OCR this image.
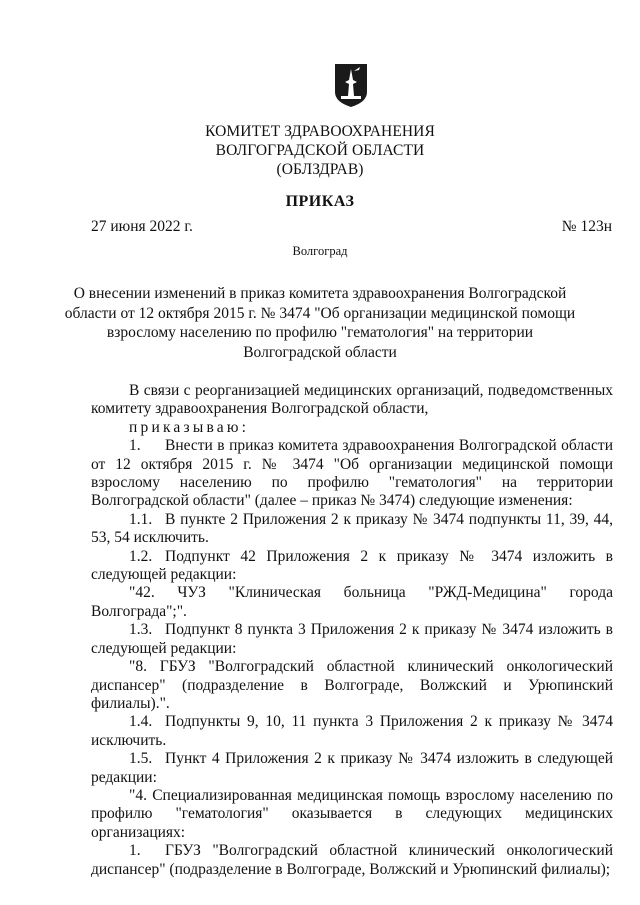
КОМИТЕТ ЗДРАВООХРАНЕНИЯ
ВОЛГОГРАДСКОЙ ОБЛАСТИ
(ОБЛЗДРАВ)
ПРИКАЗ
27 июня 2022 г.	№ 123н
Волгоград
О внесении изменений в приказ комитета здравоохранения Волгоградской области от 12 октября 2015 г. № 3474 "Об организации медицинской помощи взрослому населению по профилю "гематология" на территории Волгоградской области

В связи с реорганизацией медицинских организаций, подведомственных комитету здравоохранения Волгоградской области,

приказываю:

1. Внести в приказ комитета здравоохранения Волгоградской области от 12 октября 2015 г. № 3474 "Об организации медицинской помощи взрослому населению по профилю "гематология" на территории Волгоградской области" (далее – приказ № 3474) следующие изменения:

1.1. В пункте 2 Приложения 2 к приказу № 3474 подпункты 11, 39, 44, 53, 54 исключить.

1.2. Подпункт 42 Приложения 2 к приказу № 3474 изложить в следующей редакции:

"42. ЧУЗ "Клиническая больница "РЖД-Медицина" города Волгограда";".

1.3. Подпункт 8 пункта 3 Приложения 2 к приказу № 3474 изложить в следующей редакции:

"8. ГБУЗ "Волгоградский областной клинический онкологический диспансер" (подразделение в Волгограде, Волжский и Урюпинский филиалы).".

1.4. Подпункты 9, 10, 11 пункта 3 Приложения 2 к приказу № 3474 исключить.

1.5. Пункт 4 Приложения 2 к приказу № 3474 изложить в следующей редакции:

"4. Специализированная медицинская помощь взрослому населению по профилю "гематология" оказывается в следующих медицинских организациях:

1. ГБУЗ "Волгоградский областной клинический онкологический диспансер" (подразделение в Волгограде, Волжский и Урюпинский филиалы);
